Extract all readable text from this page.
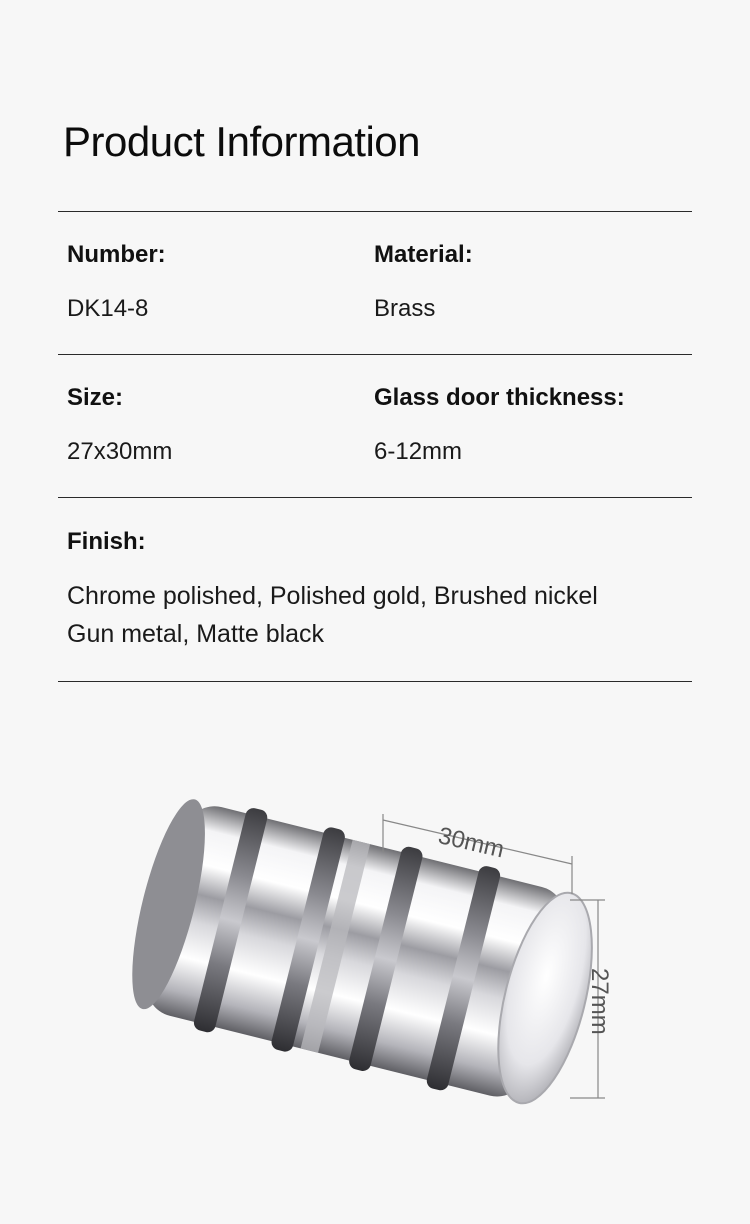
Product Information
Number:
DK14-8
Material:
Brass
Size:
27x30mm
Glass door thickness:
6-12mm
Finish:
Chrome polished, Polished gold, Brushed nickel
Gun metal, Matte black
30mm
27mm
